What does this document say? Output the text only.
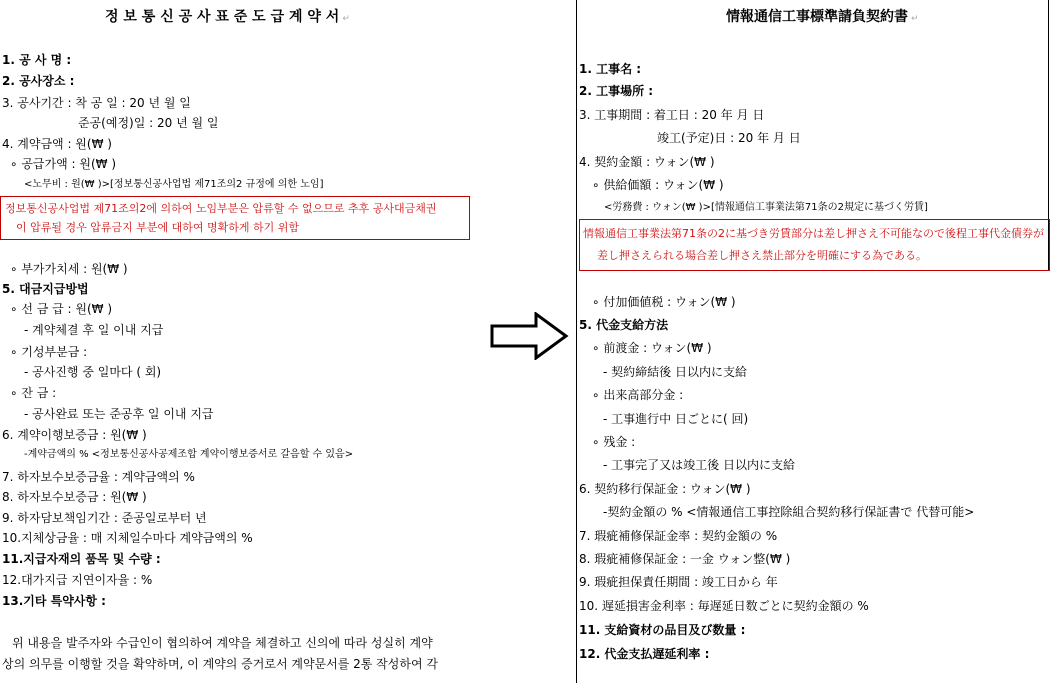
정 보 통 신 공 사 표 준 도 급 계 약 서 ↵
1. 공 사 명 :
2. 공사장소 :
3. 공사기간 : 착 공 일 : 20 년 월 일
준공(예정)일 : 20 년 월 일
4. 계약금액 : 원(₩ )
∘ 공급가액 : 원(₩ )
<노무비 : 원(₩ )>[정보통신공사업법 제71조의2 규정에 의한 노임]
정보통신공사업법 제71조의2에 의하여 노임부분은 압류할 수 없으므로 추후 공사대금채권
이 압류될 경우 압류금지 부분에 대하여 명확하게 하기 위함
∘ 부가가치세 : 원(₩ )
5. 대금지급방법
∘ 선 금 급 : 원(₩ )
- 계약체결 후 일 이내 지급
∘ 기성부분금 :
- 공사진행 중 일마다 ( 회)
∘ 잔 금 :
- 공사완료 또는 준공후 일 이내 지급
6. 계약이행보증금 : 원(₩ )
-계약금액의 % <정보통신공사공제조합 계약이행보증서로 갈음할 수 있음>
7. 하자보수보증금율 : 계약금액의 %
8. 하자보수보증금 : 원(₩ )
9. 하자담보책임기간 : 준공일로부터 년
10.지체상금율 : 매 지체일수마다 계약금액의 %
11.지급자재의 품목 및 수량 :
12.대가지급 지연이자율 : %
13.기타 특약사항 :
위 내용을 발주자와 수급인이 협의하여 계약을 체결하고 신의에 따라 성실히 계약
상의 의무를 이행할 것을 확약하며, 이 계약의 증거로서 계약문서를 2통 작성하여 각
情報通信工事標準請負契約書 ↵
1. 工事名 :
2. 工事場所 :
3. 工事期間 : 着工日 : 20 年 月 日
竣工(予定)日 : 20 年 月 日
4. 契約金額 : ウォン(₩ )
∘ 供給価額 : ウォン(₩ )
<労務費 : ウォン(₩ )>[情報通信工事業法第71条の2規定に基づく労賃]
情報通信工事業法第71条の2に基づき労賃部分は差し押さえ不可能なので後程工事代金債券が
差し押さえられる場合差し押さえ禁止部分を明確にする為である。
∘ 付加価値税 : ウォン(₩ )
5. 代金支給方法
∘ 前渡金 : ウォン(₩ )
- 契約締結後 日以内に支給
∘ 出来高部分金 :
- 工事進行中 日ごとに( 回)
∘ 残金 :
- 工事完了又は竣工後 日以内に支給
6. 契約移行保証金 : ウォン(₩ )
-契約金額の % <情報通信工事控除組合契約移行保証書で 代替可能>
7. 瑕疵補修保証金率 : 契約金額の %
8. 瑕疵補修保証金 : 一金 ウォン整(₩ )
9. 瑕疵担保責任期間 : 竣工日から 年
10. 遅延損害金利率 : 毎遅延日数ごとに契約金額の %
11. 支給資材の品目及び数量 :
12. 代金支払遅延利率 :
